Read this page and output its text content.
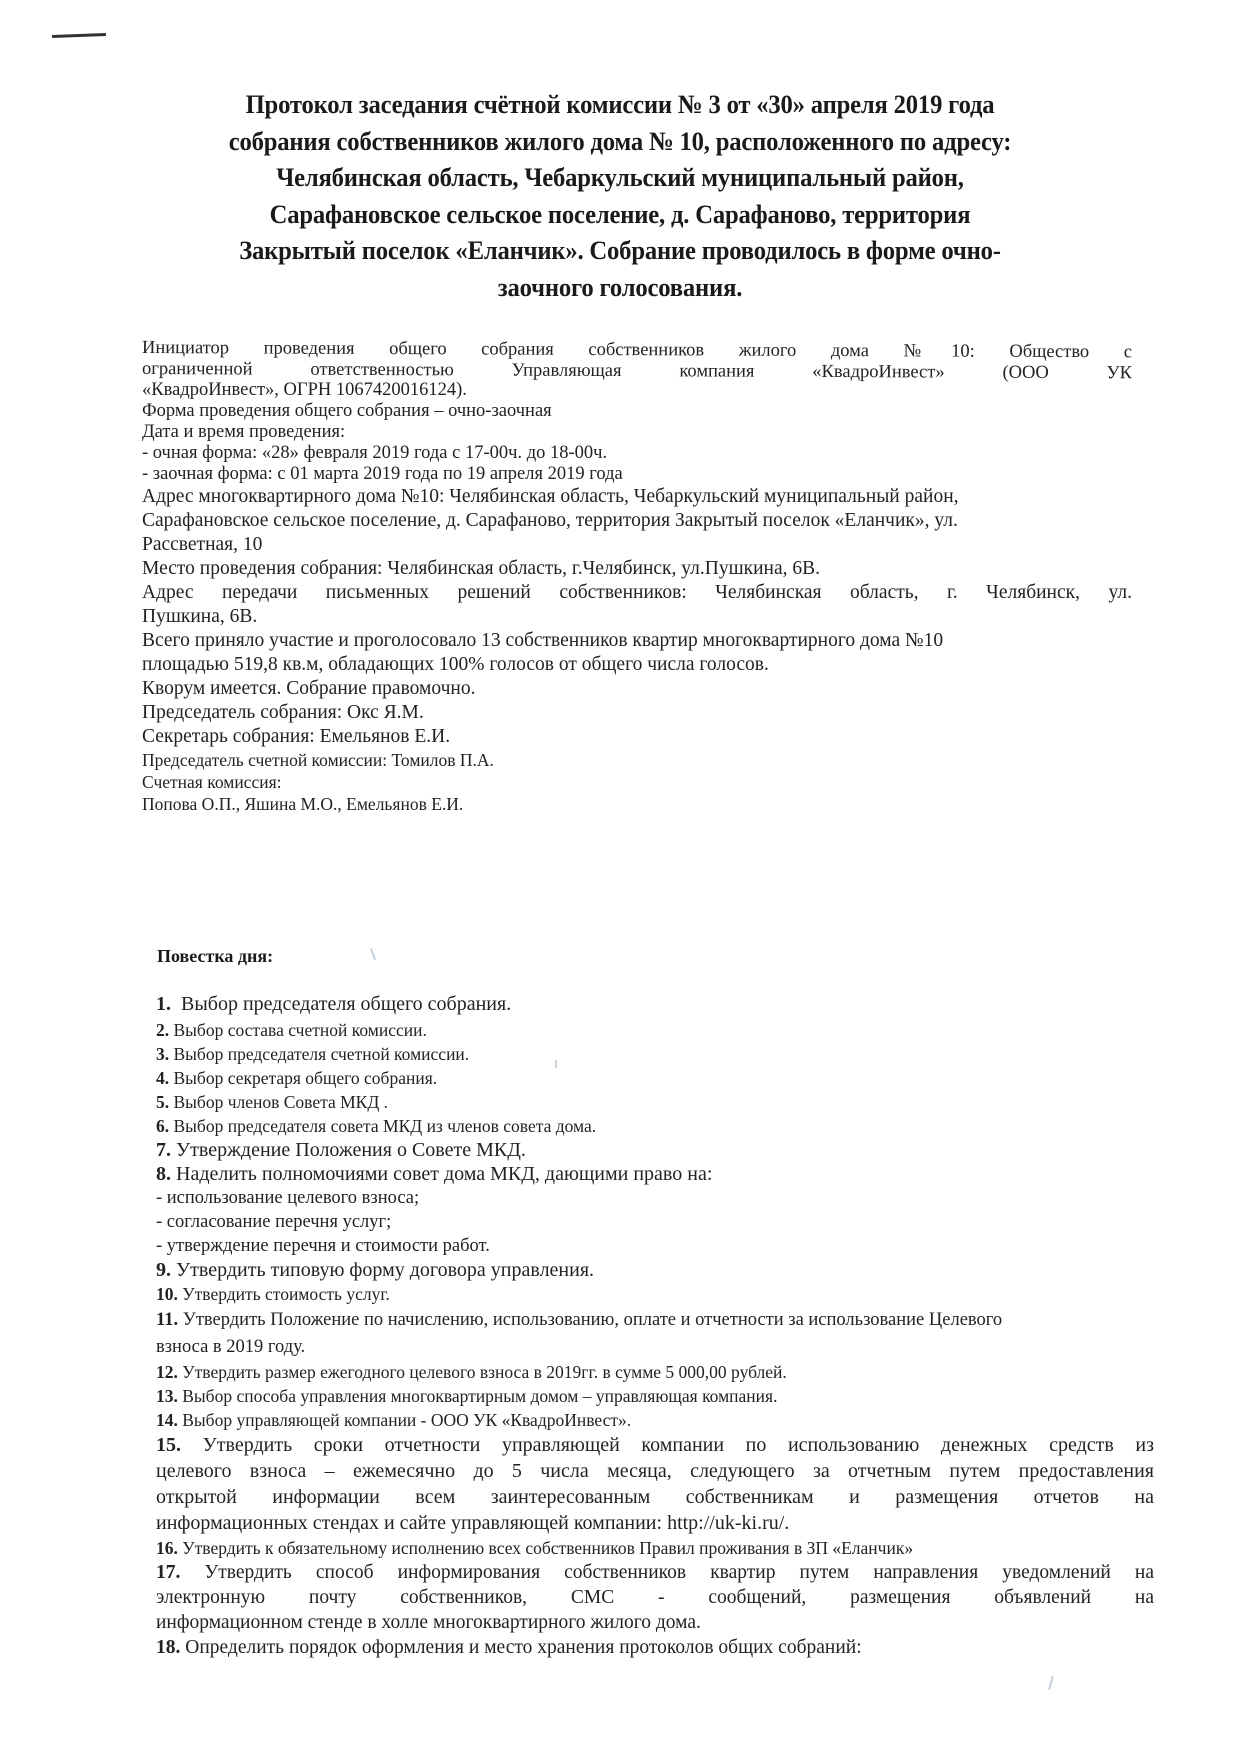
Протокол заседания счётной комиссии № 3 от «30» апреля 2019 года
собрания собственников жилого дома № 10, расположенного по адресу:
Челябинская область, Чебаркульский муниципальный район,
Сарафановское сельское поселение, д. Сарафаново, территория
Закрытый поселок «Еланчик». Собрание проводилось в форме очно-
заочного голосования.
Инициатор проведения общего собрания собственников жилого дома №10: Общество с
ограниченной ответственностью Управляющая компания «КвадроИнвест» (ООО УК
«КвадроИнвест», ОГРН 1067420016124).
Форма проведения общего собрания – очно-заочная
Дата и время проведения:
- очная форма: «28» февраля 2019 года с 17-00ч. до 18-00ч.
- заочная форма: с 01 марта 2019 года по 19 апреля 2019 года
Адрес многоквартирного дома №10: Челябинская область, Чебаркульский муниципальный район,
Сарафановское сельское поселение, д. Сарафаново, территория Закрытый поселок «Еланчик», ул.
Рассветная, 10
Место проведения собрания: Челябинская область, г.Челябинск, ул.Пушкина, 6В.
Адрес передачи письменных решений собственников: Челябинская область, г. Челябинск, ул.
Пушкина, 6В.
Всего приняло участие и проголосовало 13 собственников квартир многоквартирного дома №10
площадью 519,8 кв.м, обладающих 100% голосов от общего числа голосов.
Кворум имеется. Собрание правомочно.
Председатель собрания: Окс Я.М.
Секретарь собрания: Емельянов Е.И.
Председатель счетной комиссии: Томилов П.А.
Счетная комиссия:
Попова О.П., Яшина М.О., Емельянов Е.И.
Повестка дня:
1. Выбор председателя общего собрания.
2. Выбор состава счетной комиссии.
3. Выбор председателя счетной комиссии.
4. Выбор секретаря общего собрания.
5. Выбор членов Совета МКД .
6. Выбор председателя совета МКД из членов совета дома.
7. Утверждение Положения о Совете МКД.
8. Наделить полномочиями совет дома МКД, дающими право на:
- использование целевого взноса;
- согласование перечня услуг;
- утверждение перечня и стоимости работ.
9. Утвердить типовую форму договора управления.
10. Утвердить стоимость услуг.
11. Утвердить Положение по начислению, использованию, оплате и отчетности за использование Целевого
взноса в 2019 году.
12. Утвердить размер ежегодного целевого взноса в 2019гг. в сумме 5 000,00 рублей.
13. Выбор способа управления многоквартирным домом – управляющая компания.
14. Выбор управляющей компании - ООО УК «КвадроИнвест».
15. Утвердить сроки отчетности управляющей компании по использованию денежных средств из
целевого взноса – ежемесячно до 5 числа месяца, следующего за отчетным путем предоставления
открытой информации всем заинтересованным собственникам и размещения отчетов на
информационных стендах и сайте управляющей компании: http://uk-ki.ru/.
16. Утвердить к обязательному исполнению всех собственников Правил проживания в ЗП «Еланчик»
17. Утвердить способ информирования собственников квартир путем направления уведомлений на
электронную почту собственников, СМС - сообщений, размещения объявлений на
информационном стенде в холле многоквартирного жилого дома.
18. Определить порядок оформления и место хранения протоколов общих собраний:
